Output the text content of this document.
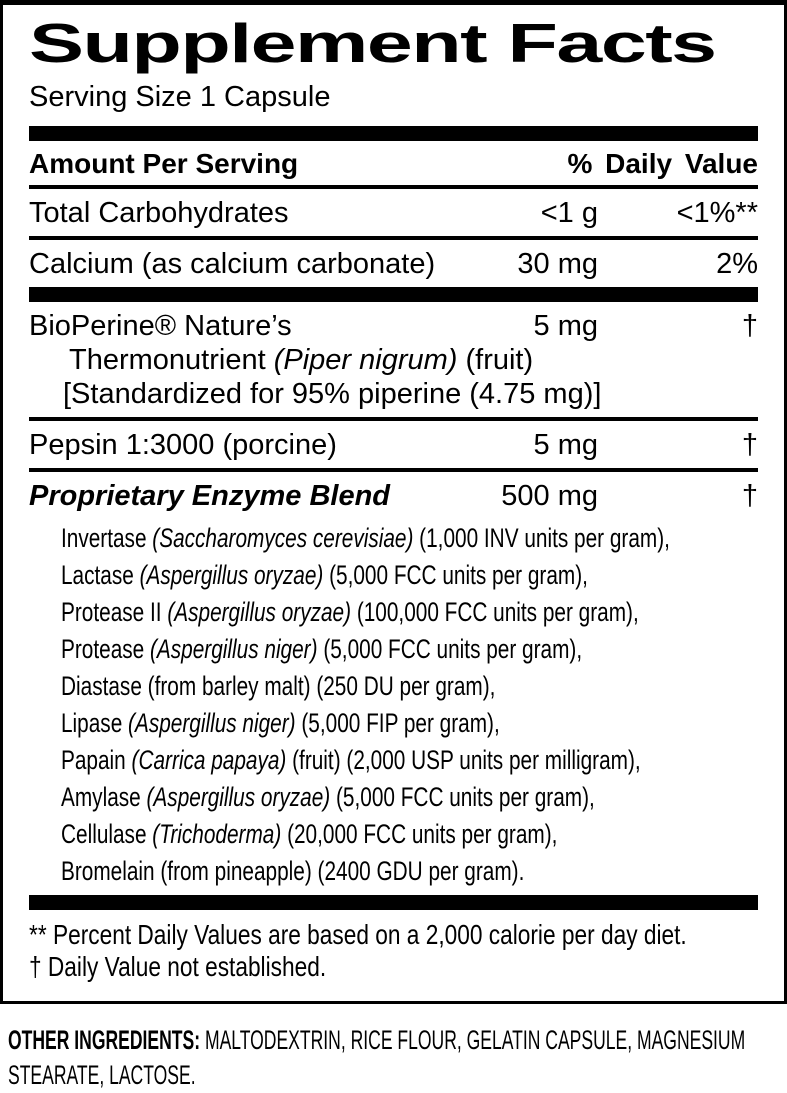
Supplement Facts
Serving Size 1 Capsule
Amount Per Serving	% Daily Value
Total Carbohydrates	<1 g	<1%**
Calcium (as calcium carbonate)	30 mg	2%
BioPerine® Nature’s
Thermonutrient (Piper nigrum) (fruit)
[Standardized for 95% piperine (4.75 mg)]
5 mg	†
Pepsin 1:3000 (porcine)	5 mg	†
Proprietary Enzyme Blend	500 mg	†
Invertase (Saccharomyces cerevisiae) (1,000 INV units per gram),
Lactase (Aspergillus oryzae) (5,000 FCC units per gram),
Protease II (Aspergillus oryzae) (100,000 FCC units per gram),
Protease (Aspergillus niger) (5,000 FCC units per gram),
Diastase (from barley malt) (250 DU per gram),
Lipase (Aspergillus niger) (5,000 FIP per gram),
Papain (Carrica papaya) (fruit) (2,000 USP units per milligram),
Amylase (Aspergillus oryzae) (5,000 FCC units per gram),
Cellulase (Trichoderma) (20,000 FCC units per gram),
Bromelain (from pineapple) (2400 GDU per gram).
** Percent Daily Values are based on a 2,000 calorie per day diet.
† Daily Value not established.
OTHER INGREDIENTS: MALTODEXTRIN, RICE FLOUR, GELATIN CAPSULE, MAGNESIUM STEARATE, LACTOSE.
